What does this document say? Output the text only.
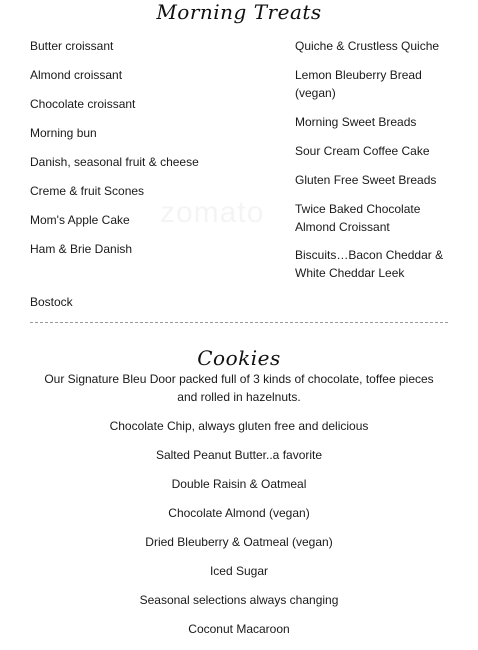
Morning Treats
Butter croissant
Almond croissant
Chocolate croissant
Morning bun
Danish, seasonal fruit & cheese
Creme & fruit Scones
Mom's Apple Cake
Ham & Brie Danish
Bostock
Quiche & Crustless Quiche
Lemon Bleuberry Bread
(vegan)
Morning Sweet Breads
Sour Cream Coffee Cake
Gluten Free Sweet Breads
Twice Baked Chocolate
Almond Croissant
Biscuits…Bacon Cheddar &
White Cheddar Leek
Cookies
Our Signature Bleu Door packed full of 3 kinds of chocolate, toffee pieces
and rolled in hazelnuts.
Chocolate Chip, always gluten free and delicious
Salted Peanut Butter..a favorite
Double Raisin & Oatmeal
Chocolate Almond (vegan)
Dried Bleuberry & Oatmeal (vegan)
Iced Sugar
Seasonal selections always changing
Coconut Macaroon
